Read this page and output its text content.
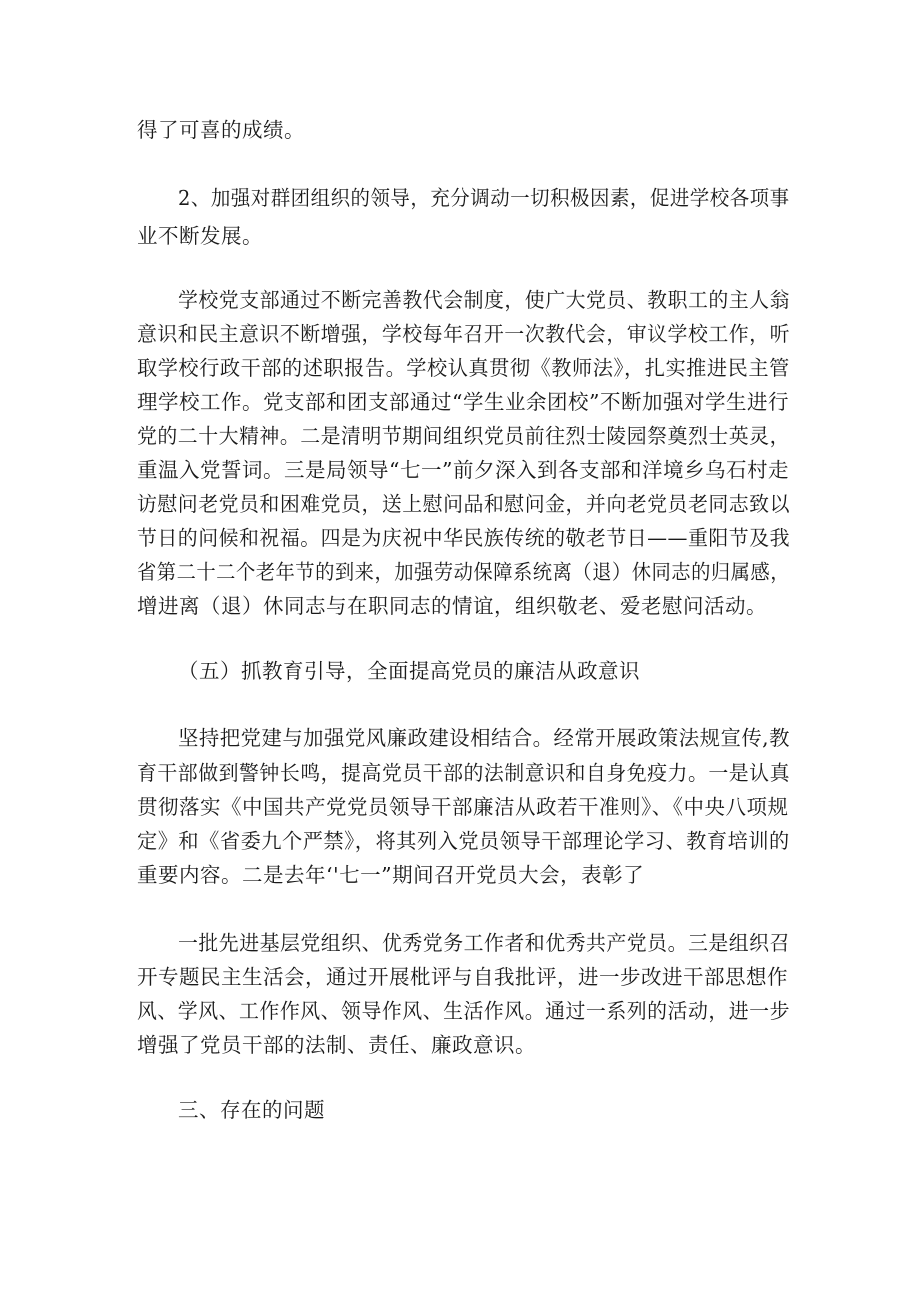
得了可喜的成绩。
2、加强对群团组织的领导，充分调动一切积极因素，促进学校各项事
业不断发展。
学校党支部通过不断完善教代会制度，使广大党员、教职工的主人翁
意识和民主意识不断增强，学校每年召开一次教代会，审议学校工作，听
取学校行政干部的述职报告。学校认真贯彻《教师法》，扎实推进民主管
理学校工作。党支部和团支部通过“学生业余团校”不断加强对学生进行
党的二十大精神。二是清明节期间组织党员前往烈士陵园祭奠烈士英灵，
重温入党誓词。三是局领导“七一”前夕深入到各支部和洋境乡乌石村走
访慰问老党员和困难党员，送上慰问品和慰问金，并向老党员老同志致以
节日的问候和祝福。四是为庆祝中华民族传统的敬老节日——重阳节及我
省第二十二个老年节的到来，加强劳动保障系统离（退）休同志的归属感，
增进离（退）休同志与在职同志的情谊，组织敬老、爱老慰问活动。
（五）抓教育引导，全面提高党员的廉洁从政意识
坚持把党建与加强党风廉政建设相结合。经常开展政策法规宣传,教
育干部做到警钟长鸣，提高党员干部的法制意识和自身免疫力。一是认真
贯彻落实《中国共产党党员领导干部廉洁从政若干准则》、《中央八项规
定》和《省委九个严禁》，将其列入党员领导干部理论学习、教育培训的
重要内容。二是去年‘'七一”期间召开党员大会，表彰了
一批先进基层党组织、优秀党务工作者和优秀共产党员。三是组织召
开专题民主生活会，通过开展枇评与自我批评，进一步改进干部思想作
风、学风、工作作风、领导作风、生活作风。通过一系列的活动，进一步
增强了党员干部的法制、责任、廉政意识。
三、存在的问题
